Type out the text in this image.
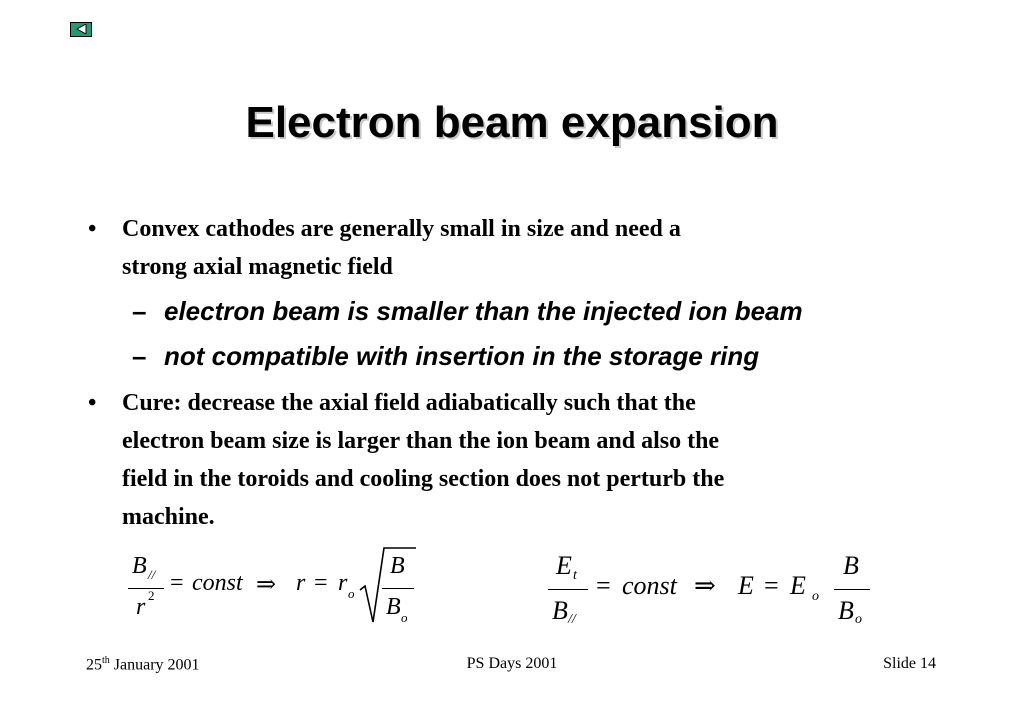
Electron beam expansion
• Convex cathodes are generally small in size and need a
strong axial magnetic field
– electron beam is smaller than the injected ion beam
– not compatible with insertion in the storage ring
• Cure: decrease the axial field adiabatically such that the
electron beam size is larger than the ion beam and also the
field in the toroids and cooling section does not perturb the
machine.
B //
r 2 = const ⇒ r = r o
B
B o
E t
B //
= const ⇒ E = E o
B
B o
25th January 2001	PS Days 2001	Slide 14
